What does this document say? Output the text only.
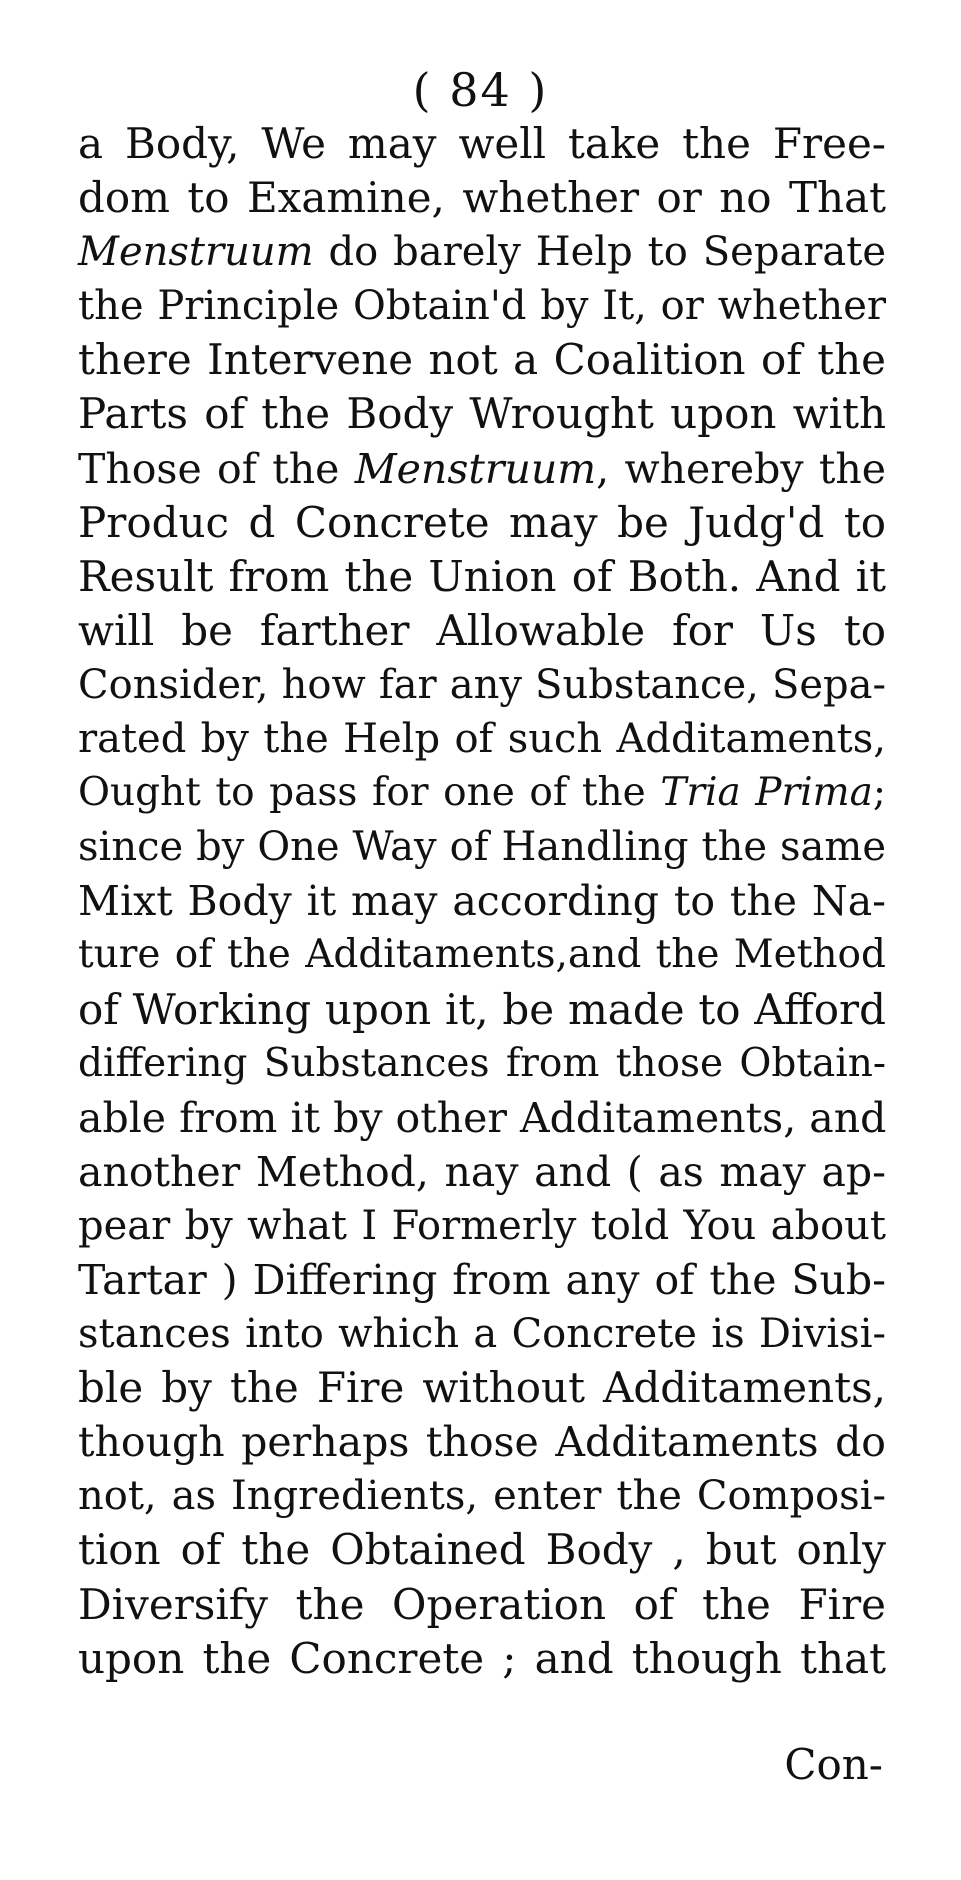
( 84 )
a Body, We may well take the Free-
dom to Examine, whether or no That
Menstruum do barely Help to Separate
the Principle Obtain'd by It, or whether
there Intervene not a Coalition of the
Parts of the Body Wrought upon with
Those of the Menstruum, whereby the
Produc d Concrete may be Judg'd to
Result from the Union of Both. And it
will be farther Allowable for Us to
Consider, how far any Substance, Sepa-
rated by the Help of such Additaments,
Ought to pass for one of the Tria Prima;
since by One Way of Handling the same
Mixt Body it may according to the Na-
ture of the Additaments,and the Method
of Working upon it, be made to Afford
differing Substances from those Obtain-
able from it by other Additaments, and
another Method, nay and ( as may ap-
pear by what I Formerly told You about
Tartar ) Differing from any of the Sub-
stances into which a Concrete is Divisi-
ble by the Fire without Additaments,
though perhaps those Additaments do
not, as Ingredients, enter the Composi-
tion of the Obtained Body , but only
Diversify the Operation of the Fire
upon the Concrete ; and though that
Con-
